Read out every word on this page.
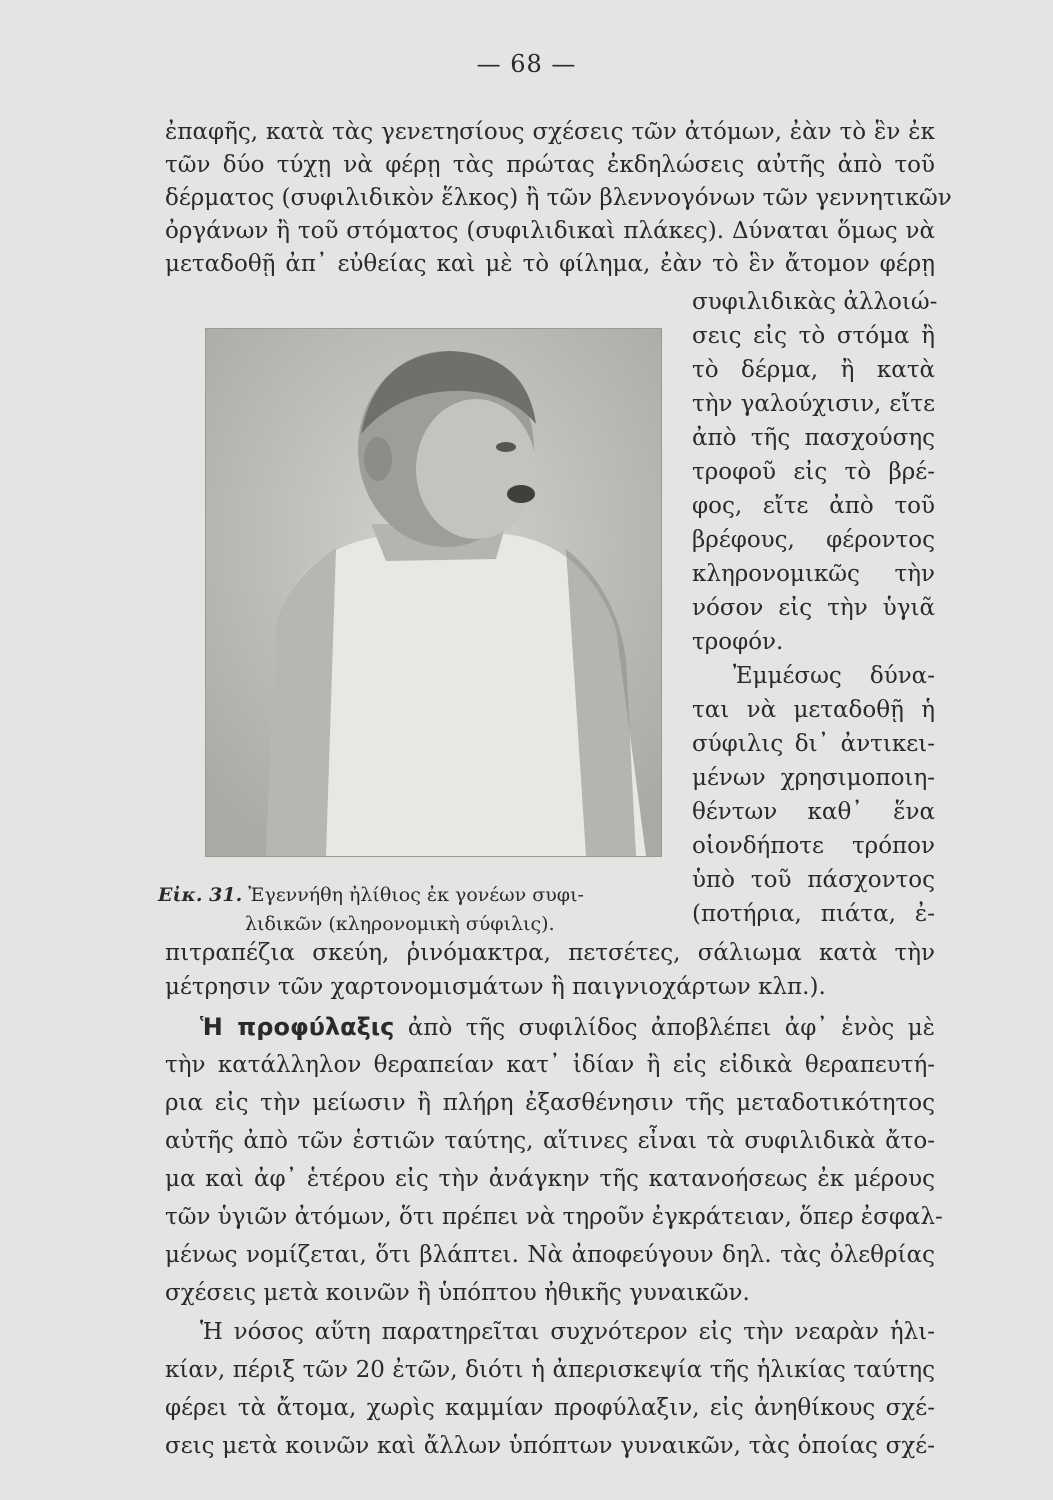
— 68 —
ἐπαφῆς, κατὰ τὰς γενετησίους σχέσεις τῶν ἀτόμων, ἐὰν τὸ ἓν ἐκ
τῶν δύο τύχῃ νὰ φέρῃ τὰς πρώτας ἐκδηλώσεις αὐτῆς ἀπὸ τοῦ
δέρματος (συφιλιδικὸν ἕλκος) ἢ τῶν βλεννογόνων τῶν γεννητικῶν
ὀργάνων ἢ τοῦ στόματος (συφιλιδικαὶ πλάκες). Δύναται ὅμως νὰ
μεταδοθῇ ἀπ᾽ εὐθείας καὶ μὲ τὸ φίλημα, ἐὰν τὸ ἓν ἄτομον φέρῃ
Εἰκ. 31. Ἐγεννήθη ἠλίθιος ἐκ γονέων συφι-
λιδικῶν (κληρονομικὴ σύφιλις).
συφιλιδικὰς ἀλλοιώ-
σεις εἰς τὸ στόμα ἢ
τὸ δέρμα, ἢ κατὰ
τὴν γαλούχισιν, εἴτε
ἀπὸ τῆς πασχούσης
τροφοῦ εἰς τὸ βρέ-
φος, εἴτε ἀπὸ τοῦ
βρέφους, φέροντος
κληρονομικῶς τὴν
νόσον εἰς τὴν ὑγιᾶ
τροφόν.
Ἐμμέσως δύνα-
ται νὰ μεταδοθῇ ἡ
σύφιλις δι᾽ ἀντικει-
μένων χρησιμοποιη-
θέντων καθ᾽ ἕνα
οἱονδήποτε τρόπον
ὑπὸ τοῦ πάσχοντος
(ποτήρια, πιάτα, ἐ-
πιτραπέζια σκεύη, ῥινόμακτρα, πετσέτες, σάλιωμα κατὰ τὴν
μέτρησιν τῶν χαρτονομισμάτων ἢ παιγνιοχάρτων κλπ.).
Ἡ προφύλαξις ἀπὸ τῆς συφιλίδος ἀποβλέπει ἀφ᾽ ἑνὸς μὲ
τὴν κατάλληλον θεραπείαν κατ᾽ ἰδίαν ἢ εἰς εἰδικὰ θεραπευτή-
ρια εἰς τὴν μείωσιν ἢ πλήρη ἐξασθένησιν τῆς μεταδοτικότητος
αὐτῆς ἀπὸ τῶν ἑστιῶν ταύτης, αἵτινες εἶναι τὰ συφιλιδικὰ ἄτο-
μα καὶ ἀφ᾽ ἑτέρου εἰς τὴν ἀνάγκην τῆς κατανοήσεως ἐκ μέρους
τῶν ὑγιῶν ἀτόμων, ὅτι πρέπει νὰ τηροῦν ἐγκράτειαν, ὅπερ ἐσφαλ-
μένως νομίζεται, ὅτι βλάπτει. Νὰ ἀποφεύγουν δηλ. τὰς ὀλεθρίας
σχέσεις μετὰ κοινῶν ἢ ὑπόπτου ἠθικῆς γυναικῶν.
Ἡ νόσος αὕτη παρατηρεῖται συχνότερον εἰς τὴν νεαρὰν ἡλι-
κίαν, πέριξ τῶν 20 ἐτῶν, διότι ἡ ἀπερισκεψία τῆς ἡλικίας ταύτης
φέρει τὰ ἄτομα, χωρὶς καμμίαν προφύλαξιν, εἰς ἀνηθίκους σχέ-
σεις μετὰ κοινῶν καὶ ἄλλων ὑπόπτων γυναικῶν, τὰς ὁποίας σχέ-
